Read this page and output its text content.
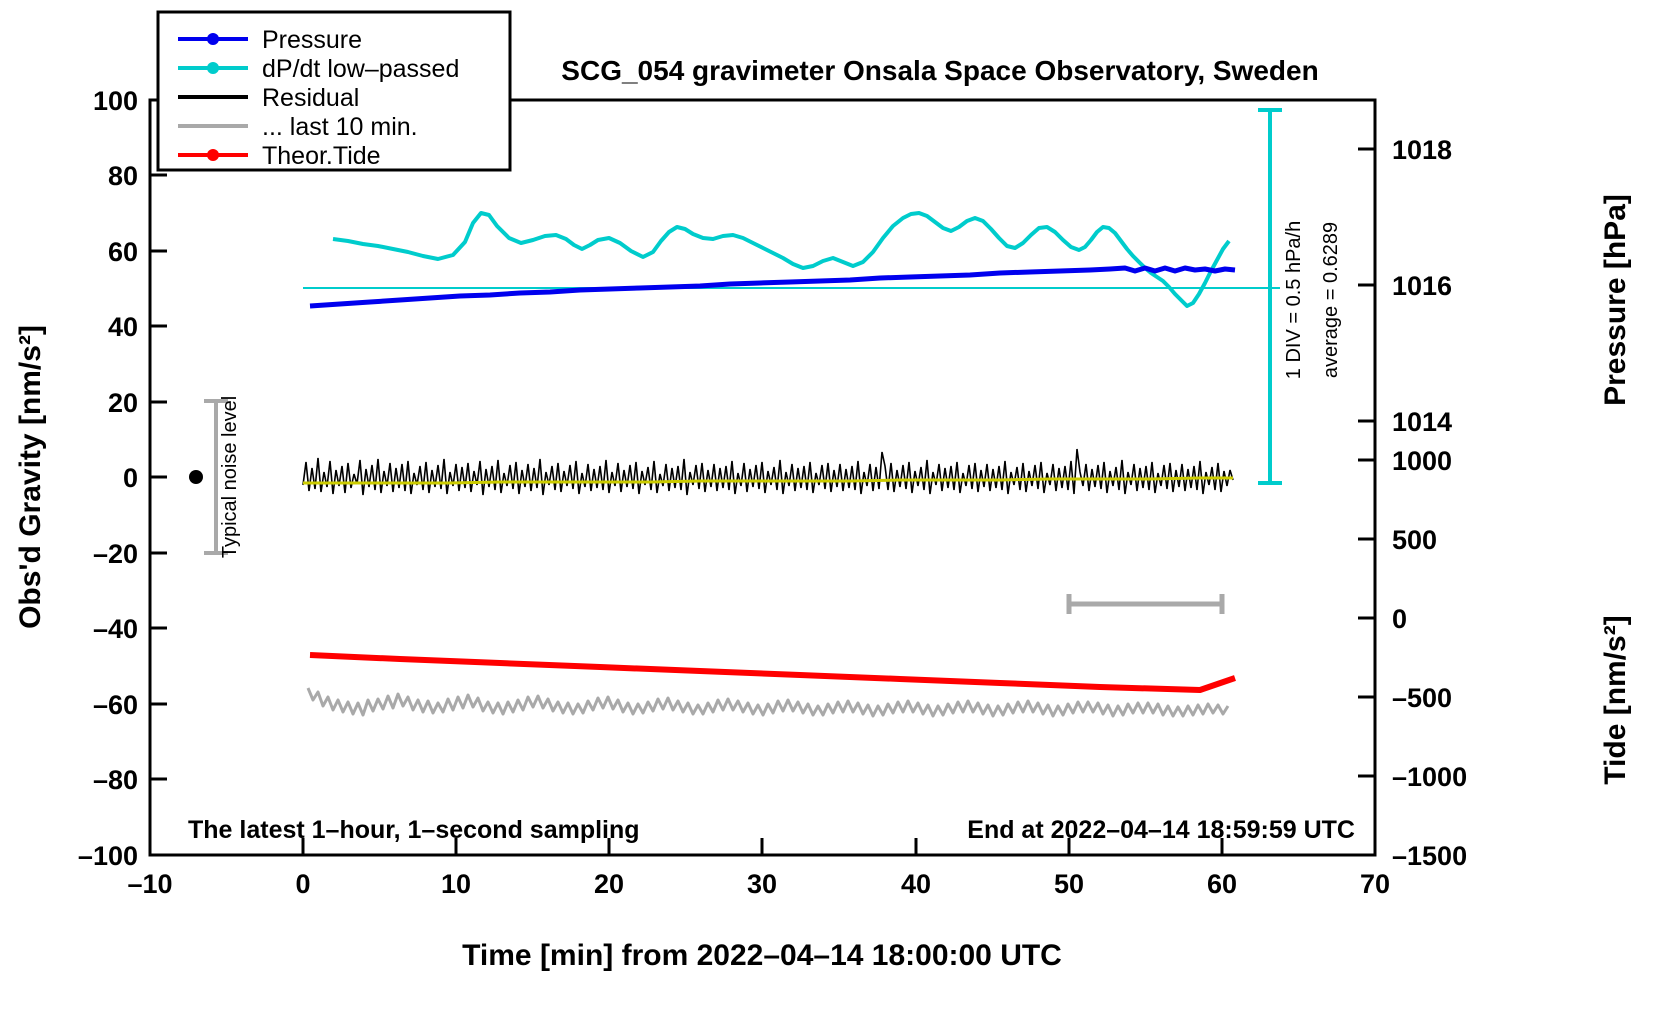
–10	0	10	20	30	40	50	60	70
–100
–80
–60
–40
–20
0
20
40
60
80
100
1014
1016
1018
–1500
–1000
–500
0
500
1000
Time [min] from 2022–04–14 18:00:00 UTC
Obs'd Gravity [nm/s²]
Pressure [hPa]
Tide [nm/s²]
SCG_054 gravimeter Onsala Space Observatory, Sweden
Typical noise level
1 DIV = 0.5 hPa/h average = 0.6289
The latest 1–hour, 1–second sampling	End at 2022–04–14 18:59:59 UTC
Pressure
dP/dt low–passed
Residual
... last 10 min.
Theor.Tide
